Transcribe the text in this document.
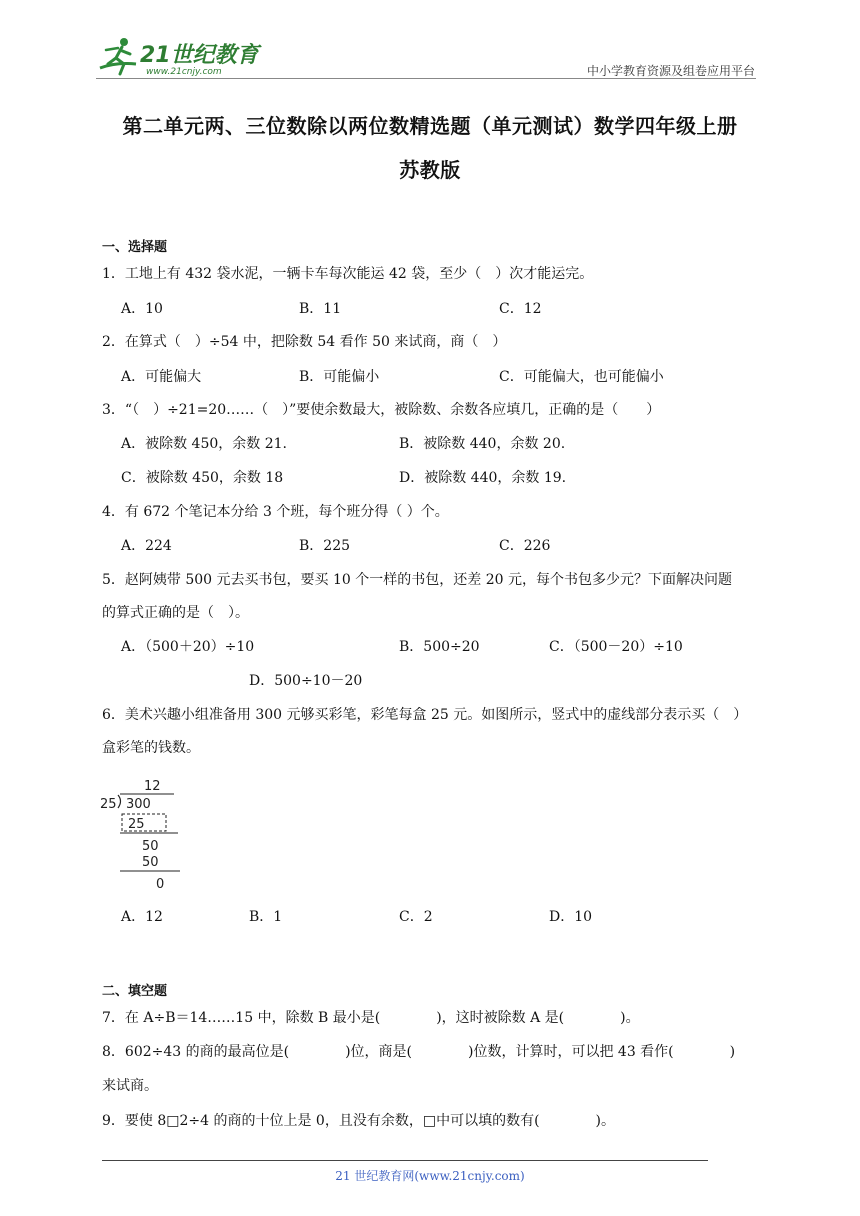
21世纪教育
www.21cnjy.com	中小学教育资源及组卷应用平台
第二单元两、三位数除以两位数精选题（单元测试）数学四年级上册
苏教版
一、选择题
1．工地上有 432 袋水泥，一辆卡车每次能运 42 袋，至少（　）次才能运完。
A．10	B．11	C．12
2．在算式（　）÷54 中，把除数 54 看作 50 来试商，商（　）
A．可能偏大	B．可能偏小	C．可能偏大，也可能偏小
3．“（　）÷21=20……（　）”要使余数最大，被除数、余数各应填几，正确的是（　　）
A．被除数 450，余数 21.	B．被除数 440，余数 20.
C．被除数 450，余数 18	D．被除数 440，余数 19.
4．有 672 个笔记本分给 3 个班，每个班分得（ ）个。
A．224	B．225	C．226
5．赵阿姨带 500 元去买书包，要买 10 个一样的书包，还差 20 元，每个书包多少元？下面解决问题
的算式正确的是（　）。
A．（500＋20）÷10	B．500÷20	C．（500－20）÷10
D．500÷10－20
6．美术兴趣小组准备用 300 元够买彩笔，彩笔每盒 25 元。如图所示，竖式中的虚线部分表示买（　）
盒彩笔的钱数。
12
25 300
25
50
50
0
A．12	B．1	C．2	D．10
二、填空题
7．在 A÷B＝14……15 中，除数 B 最小是(　　　　)，这时被除数 A 是(　　　　)。
8．602÷43 的商的最高位是(　　　　)位，商是(　　　　)位数，计算时，可以把 43 看作(　　　　)
来试商。
9．要使 8□2÷4 的商的十位上是 0，且没有余数，□中可以填的数有(　　　　)。
21 世纪教育网(www.21cnjy.com)
